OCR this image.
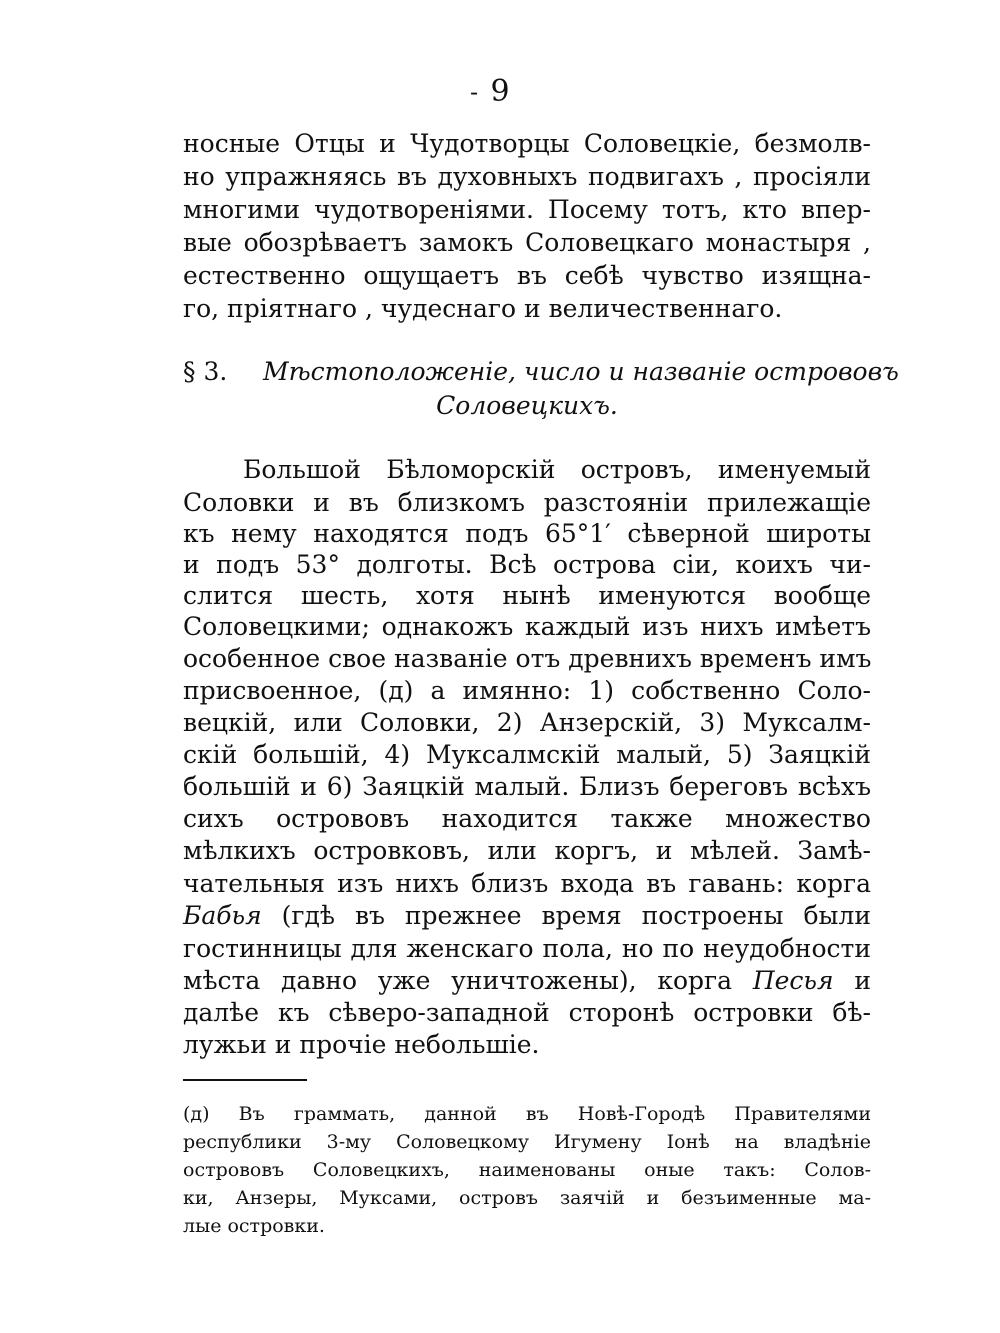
- 9
носные Отцы и Чудотворцы Соловецкіе, безмолв-
но упражняясь въ духовныхъ подвигахъ , просіяли
многими чудотвореніями. Посему тотъ, кто впер-
вые обозрѣваетъ замокъ Соловецкаго монастыря ,
естественно ощущаетъ въ себѣ чувство изящна-
го, пріятнаго , чудеснаго и величественнаго.
§ 3. Мѣстоположеніе, число и названіе острововъ
Соловецкихъ.
Большой Бѣломорскій островъ, именуемый
Соловки и въ близкомъ разстояніи прилежащіе
къ нему находятся подъ 65°1′ сѣверной широты
и подъ 53° долготы. Всѣ острова сіи, коихъ чи-
слится шесть, хотя нынѣ именуются вообще
Соловецкими; однакожъ каждый изъ нихъ имѣетъ
особенное свое названіе отъ древнихъ временъ имъ
присвоенное, (д) а имянно: 1) собственно Соло-
вецкій, или Соловки, 2) Анзерскій, 3) Муксалм-
скій большій, 4) Муксалмскій малый, 5) Заяцкій
большій и 6) Заяцкій малый. Близъ береговъ всѣхъ
сихъ острововъ находится также множество
мѣлкихъ островковъ, или коргъ, и мѣлей. Замѣ-
чательныя изъ нихъ близъ входа въ гавань: корга
Бабья (гдѣ въ прежнее время построены были
гостинницы для женскаго пола, но по неудобности
мѣста давно уже уничтожены), корга Песья и
далѣе къ сѣверо-западной сторонѣ островки бѣ-
лужьи и прочіе небольшіе.
(д) Въ граммать, данной въ Новѣ-Городѣ Правителями
республики 3-му Соловецкому Игумену Іонѣ на владѣніе
острововъ Соловецкихъ, наименованы оные такъ: Солов-
ки, Анзеры, Муксами, островъ заячій и безъименные ма-
лые островки.
